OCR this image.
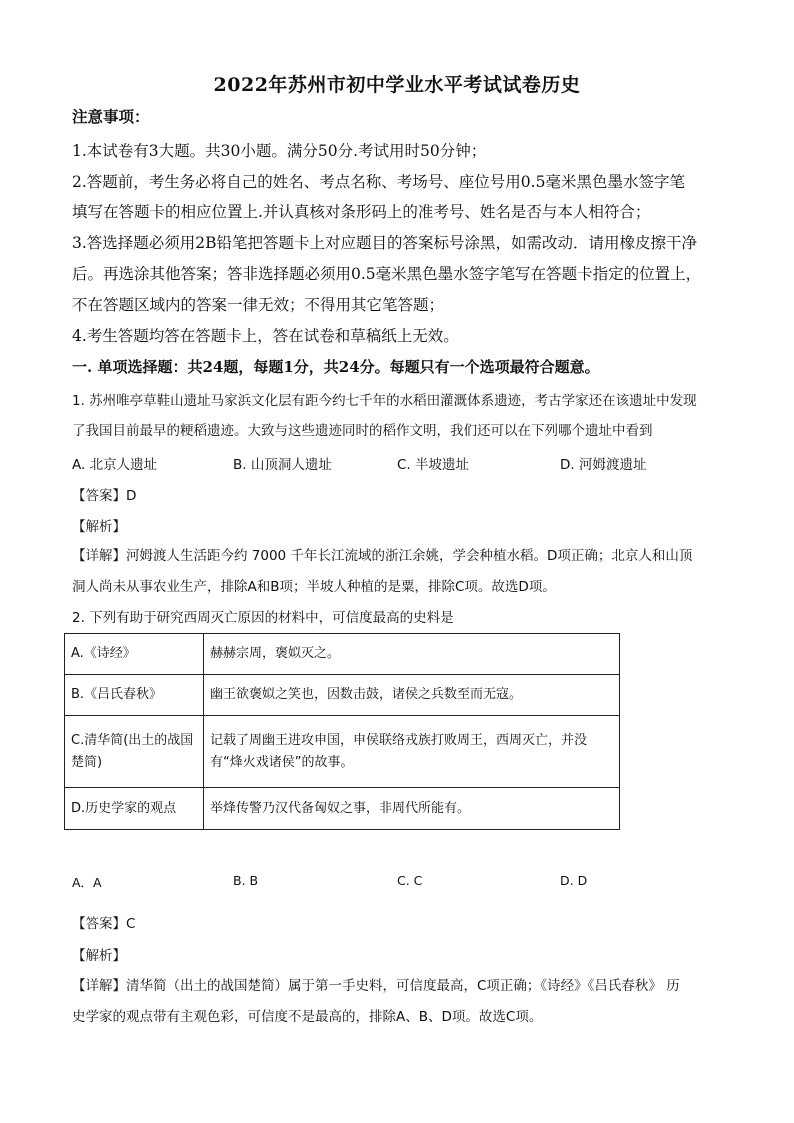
2022年苏州市初中学业水平考试试卷历史
注意事项：
1.本试卷有3大题。共30小题。满分50分.考试用时50分钟；
2.答题前，考生务必将自己的姓名、考点名称、考场号、座位号用0.5毫米黑色墨水签字笔
填写在答题卡的相应位置上.并认真核对条形码上的准考号、姓名是否与本人相符合；
3.答选择题必须用2B铅笔把答题卡上对应题目的答案标号涂黑，如需改动．请用橡皮擦干净
后。再选涂其他答案；答非选择题必须用0.5毫米黑色墨水签字笔写在答题卡指定的位置上，
不在答题区域内的答案一律无效；不得用其它笔答题；
4.考生答题均答在答题卡上，答在试卷和草稿纸上无效。
一. 单项选择题：共24题，每题1分，共24分。每题只有一个选项最符合题意。
1. 苏州唯亭草鞋山遗址马家浜文化层有距今约七千年的水稻田灌溉体系遗迹，考古学家还在该遗址中发现
了我国目前最早的粳稻遗迹。大致与这些遗迹同时的稻作文明，我们还可以在下列哪个遗址中看到
A. 北京人遗址	B. 山顶洞人遗址	C. 半坡遗址	D. 河姆渡遗址
【答案】D
【解析】
【详解】河姆渡人生活距今约 7000 千年长江流域的浙江余姚，学会种植水稻。D项正确；北京人和山顶
洞人尚未从事农业生产，排除A和B项；半坡人种植的是粟，排除C项。故选D项。
2. 下列有助于研究西周灭亡原因的材料中，可信度最高的史料是
A.《诗经》	赫赫宗周，褒姒灭之。
B.《吕氏春秋》	幽王欲褒姒之笑也，因数击鼓，诸侯之兵数至而无寇。
C.清华简(出土的战国楚简)	记载了周幽王进攻申国，申侯联络戎族打败周王，西周灭亡，并没
有“烽火戏诸侯”的故事。

D.历史学家的观点	举烽传警乃汉代备匈奴之事，非周代所能有。
A．A	B. B	C. C	D. D
【答案】C
【解析】
【详解】清华简（出土的战国楚简）属于第一手史料，可信度最高，C项正确；《诗经》《吕氏春秋》 历
史学家的观点带有主观色彩，可信度不是最高的，排除A、B、D项。故选C项。
